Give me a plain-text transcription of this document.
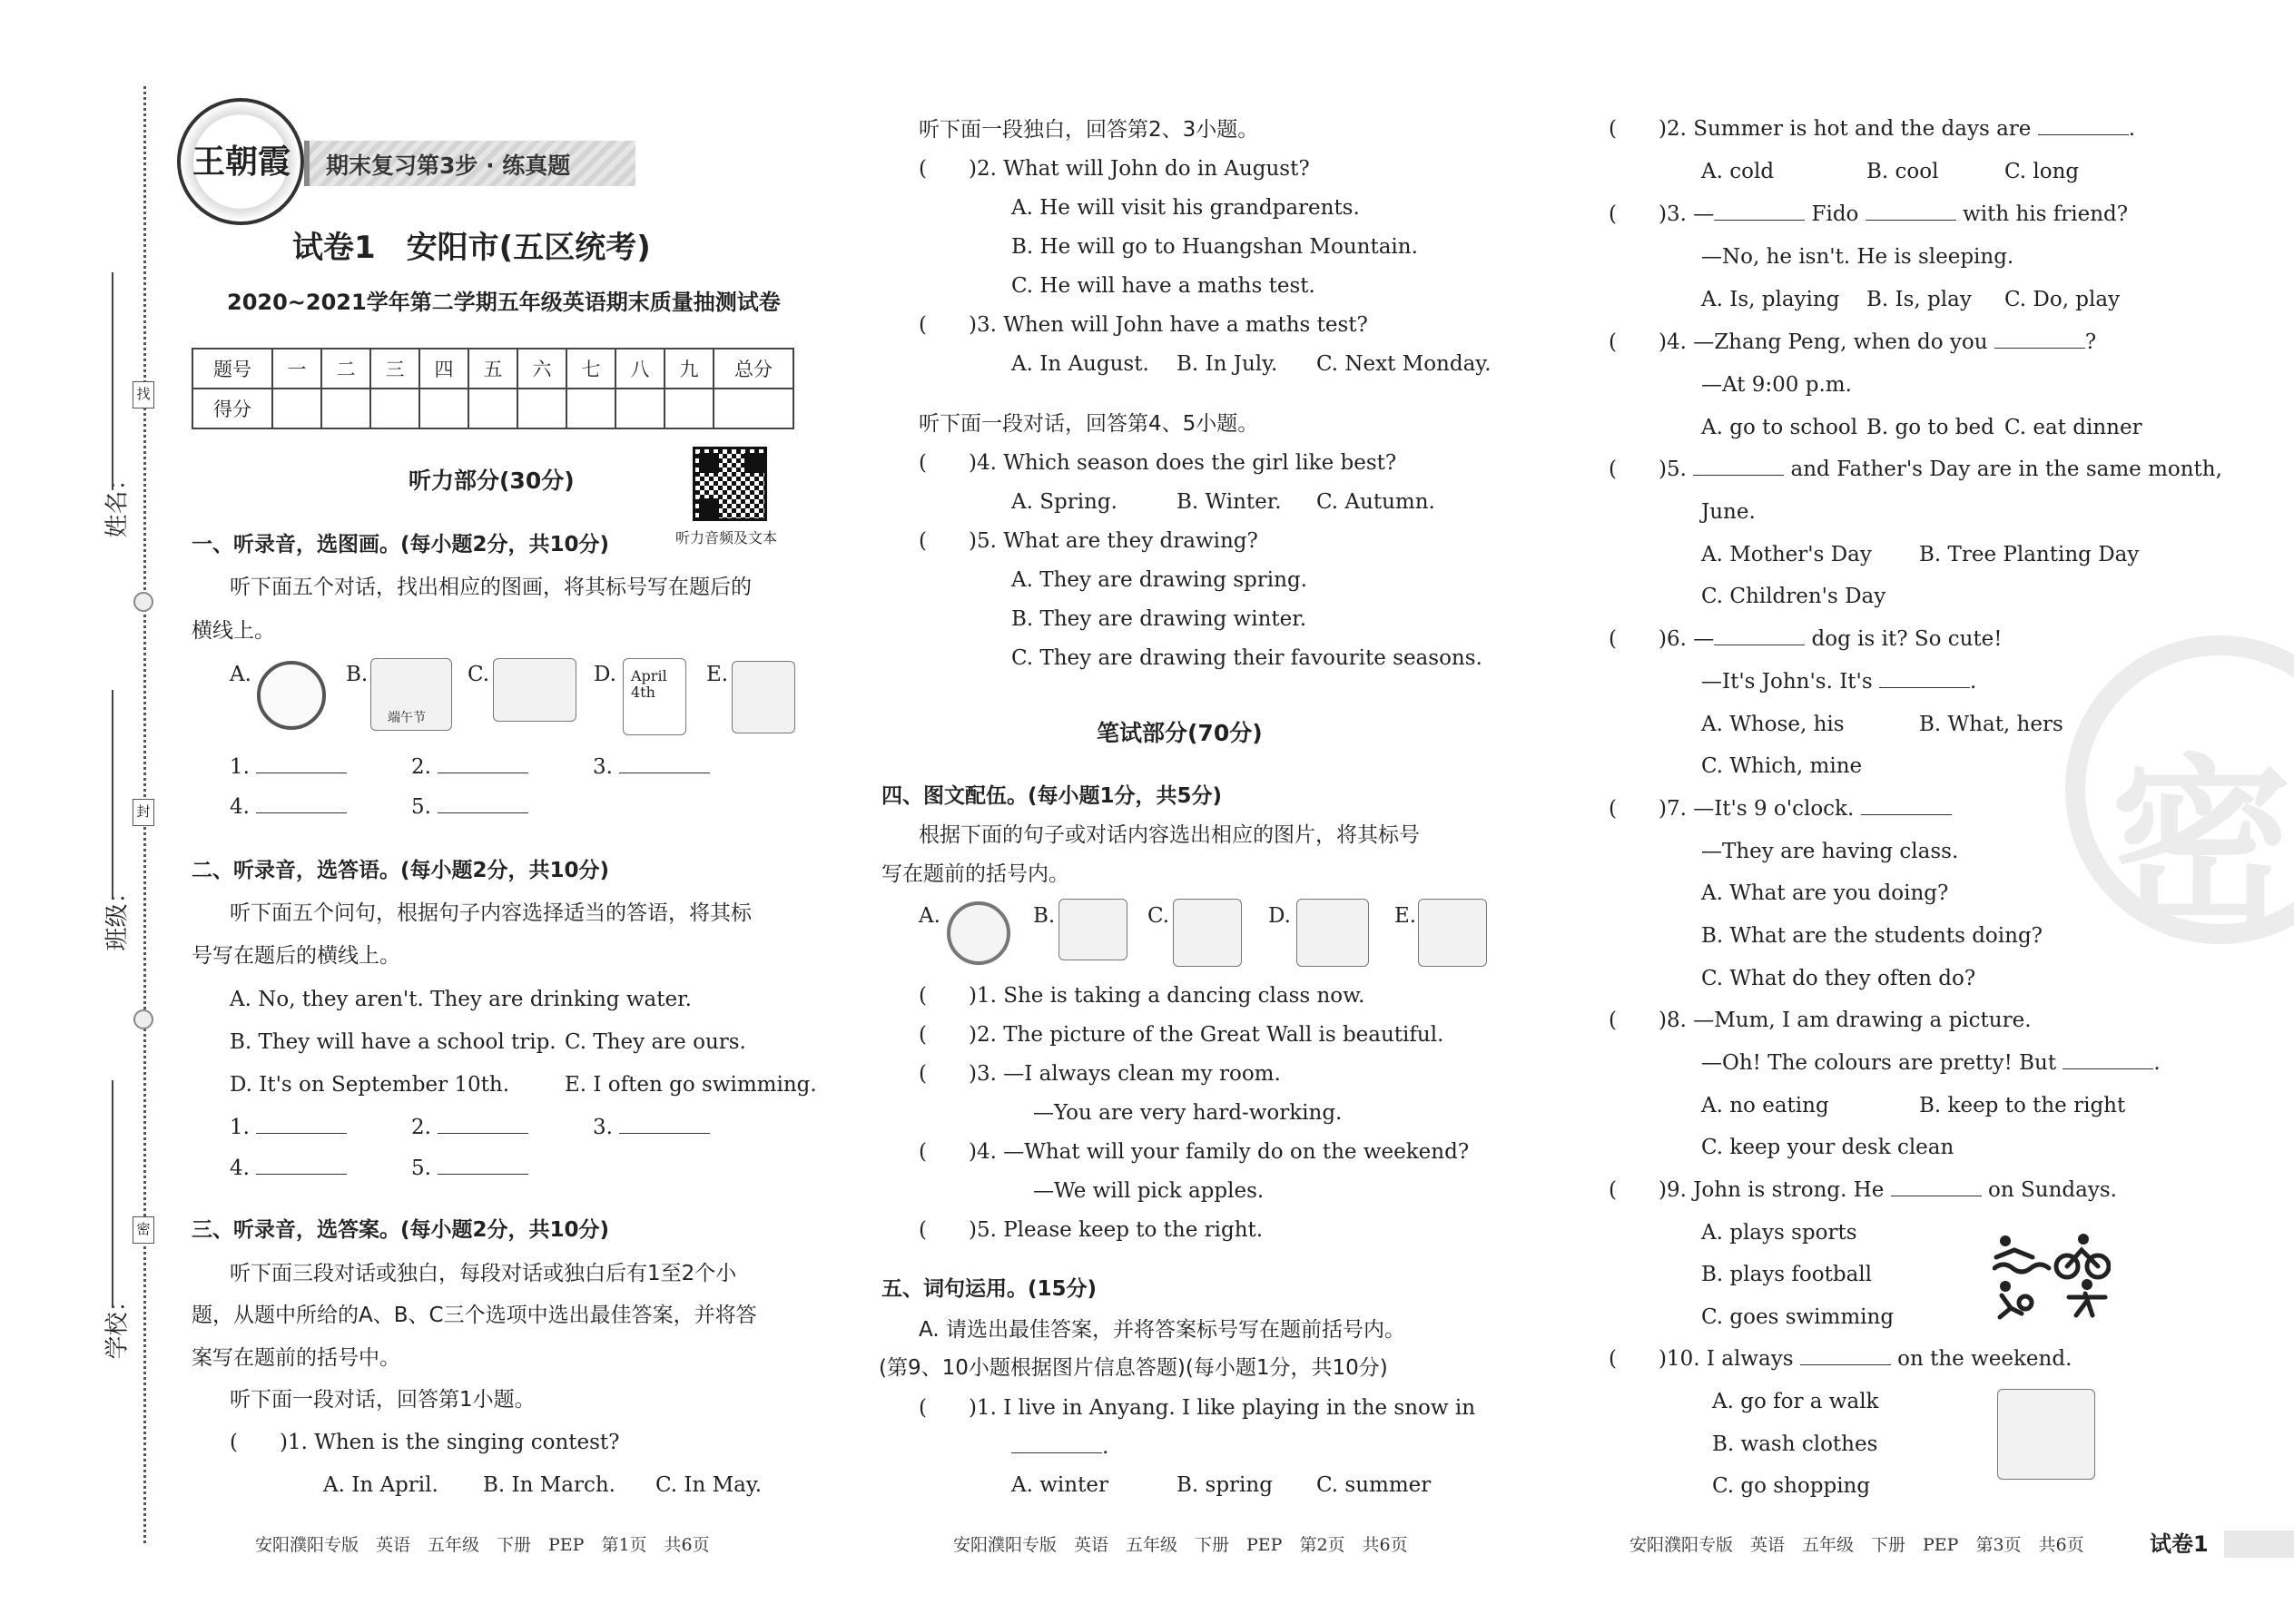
姓名：
班级：
学校：
找
封
密
王朝霞 期末复习第3步 · 练真题
试卷1　安阳市(五区统考)
2020~2021学年第二学期五年级英语期末质量抽测试卷
题号	一	二	三	四	五	六	七	八	九	总分
得分										
听力音频及文本
听力部分(30分)
一、听录音，选图画。(每小题2分，共10分)
听下面五个对话，找出相应的图画，将其标号写在题后的
横线上。
A.	B.
端午节
C.	D. April 4th
E.
1.	2.	3.
4.	5.
二、听录音，选答语。(每小题2分，共10分)
听下面五个问句，根据句子内容选择适当的答语，将其标
号写在题后的横线上。
A. No, they aren't. They are drinking water.
B. They will have a school trip. C. They are ours.
D. It's on September 10th.	E. I often go swimming.
1.	2.	3.
4.	5.
三、听录音，选答案。(每小题2分，共10分)
听下面三段对话或独白，每段对话或独白后有1至2个小
题，从题中所给的A、B、C三个选项中选出最佳答案，并将答
案写在题前的括号中。
听下面一段对话，回答第1小题。
(　　)1. When is the singing contest?
A. In April. B. In March. C. In May.
听下面一段独白，回答第2、3小题。
(　　)2. What will John do in August?
A. He will visit his grandparents.
B. He will go to Huangshan Mountain.
C. He will have a maths test.
(　　)3. When will John have a maths test?
A. In August. B. In July. C. Next Monday.
听下面一段对话，回答第4、5小题。
(　　)4. Which season does the girl like best?
A. Spring.	B. Winter. C. Autumn.
(　　)5. What are they drawing?
A. They are drawing spring.
B. They are drawing winter.
C. They are drawing their favourite seasons.
笔试部分(70分)
四、图文配伍。(每小题1分，共5分)
根据下面的句子或对话内容选出相应的图片，将其标号
写在题前的括号内。
A.	B.	C.	D.	E.
(　　)1. She is taking a dancing class now.
(　　)2. The picture of the Great Wall is beautiful.
(　　)3. —I always clean my room.
—You are very hard-working.
(　　)4. —What will your family do on the weekend?
—We will pick apples.
(　　)5. Please keep to the right.
五、词句运用。(15分)
A. 请选出最佳答案，并将答案标号写在题前括号内。
(第9、10小题根据图片信息答题)(每小题1分，共10分)
(　　)1. I live in Anyang. I like playing in the snow in
.
A. winter	B. spring C. summer
密
(　　)2. Summer is hot and the days are	.
A. cold	B. cool	C. long
(　　)3. —	Fido	with his friend?
—No, he isn't. He is sleeping.
A. Is, playing B. Is, play C. Do, play
(　　)4. —Zhang Peng, when do you	?
—At 9:00 p.m.
A. go to school B. go to bed C. eat dinner
(　　)5.	and Father's Day are in the same month,
June.
A. Mother's Day B. Tree Planting Day
C. Children's Day
(　　)6. —	dog is it? So cute!
—It's John's. It's	.
A. Whose, his	B. What, hers
C. Which, mine
(　　)7. —It's 9 o'clock.
—They are having class.
A. What are you doing?
B. What are the students doing?
C. What do they often do?
(　　)8. —Mum, I am drawing a picture.
—Oh! The colours are pretty! But	.
A. no eating	B. keep to the right
C. keep your desk clean
(　　)9. John is strong. He	on Sundays.
A. plays sports
B. plays football
C. goes swimming
(　　)10. I always	on the weekend.
A. go for a walk
B. wash clothes
C. go shopping
安阳濮阳专版　英语　五年级　下册　PEP　第1页　共6页	安阳濮阳专版　英语　五年级　下册　PEP　第2页　共6页	安阳濮阳专版　英语　五年级　下册　PEP　第3页　共6页	试卷1
